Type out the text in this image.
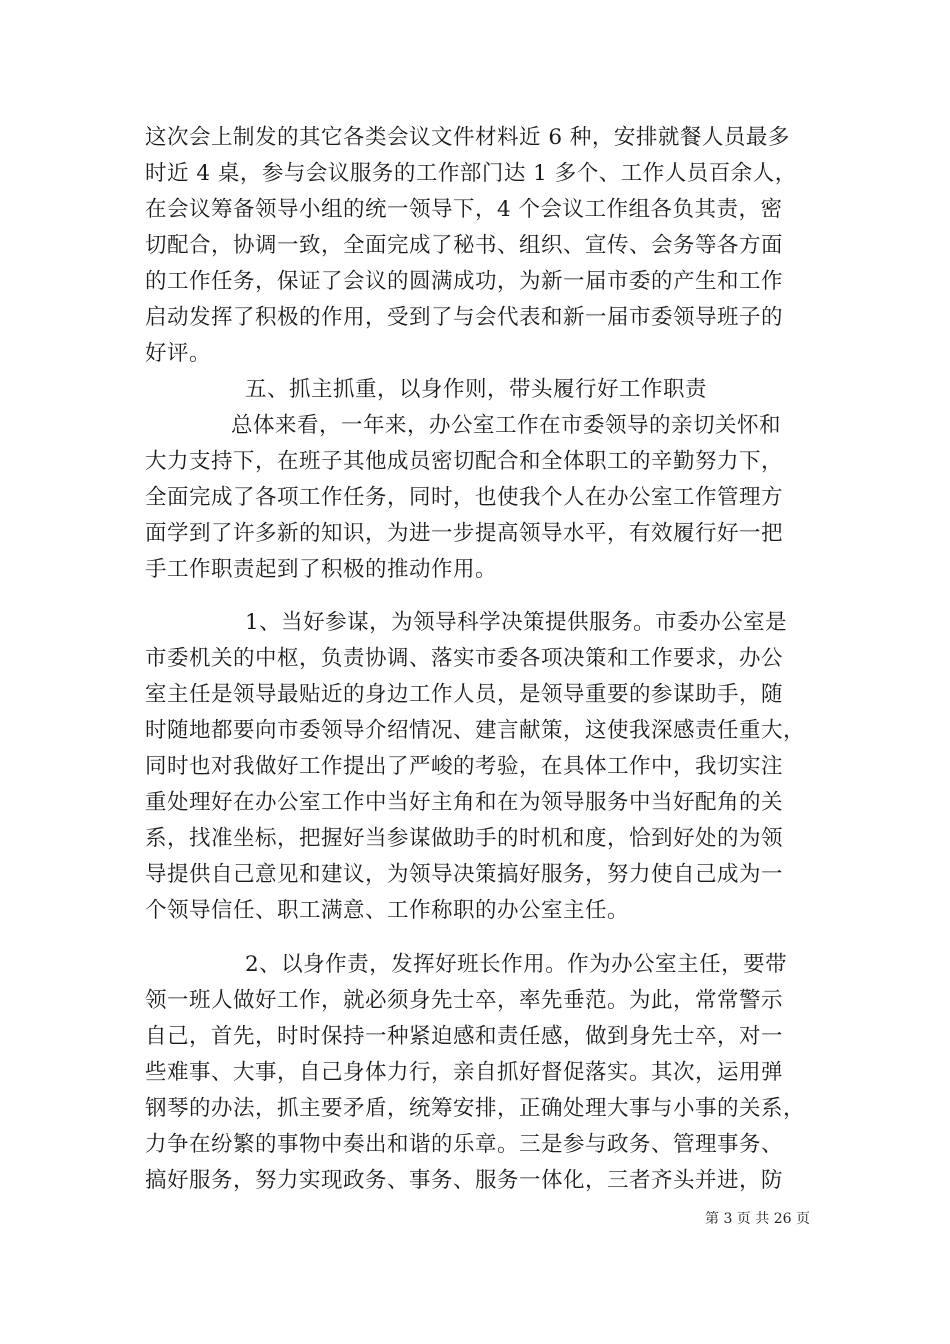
这次会上制发的其它各类会议文件材料近 6 种，安排就餐人员最多
时近 4 桌，参与会议服务的工作部门达 1 多个、工作人员百余人，
在会议筹备领导小组的统一领导下，4 个会议工作组各负其责，密
切配合，协调一致，全面完成了秘书、组织、宣传、会务等各方面
的工作任务，保证了会议的圆满成功，为新一届市委的产生和工作
启动发挥了积极的作用，受到了与会代表和新一届市委领导班子的
好评。
五、抓主抓重，以身作则，带头履行好工作职责
总体来看，一年来，办公室工作在市委领导的亲切关怀和
大力支持下，在班子其他成员密切配合和全体职工的辛勤努力下，
全面完成了各项工作任务，同时，也使我个人在办公室工作管理方
面学到了许多新的知识，为进一步提高领导水平，有效履行好一把
手工作职责起到了积极的推动作用。
1、当好参谋，为领导科学决策提供服务。市委办公室是
市委机关的中枢，负责协调、落实市委各项决策和工作要求，办公
室主任是领导最贴近的身边工作人员，是领导重要的参谋助手，随
时随地都要向市委领导介绍情况、建言献策，这使我深感责任重大，
同时也对我做好工作提出了严峻的考验，在具体工作中，我切实注
重处理好在办公室工作中当好主角和在为领导服务中当好配角的关
系，找准坐标，把握好当参谋做助手的时机和度，恰到好处的为领
导提供自己意见和建议，为领导决策搞好服务，努力使自己成为一
个领导信任、职工满意、工作称职的办公室主任。
2、以身作责，发挥好班长作用。作为办公室主任，要带
领一班人做好工作，就必须身先士卒，率先垂范。为此，常常警示
自己，首先，时时保持一种紧迫感和责任感，做到身先士卒，对一
些难事、大事，自己身体力行，亲自抓好督促落实。其次，运用弹
钢琴的办法，抓主要矛盾，统筹安排，正确处理大事与小事的关系，
力争在纷繁的事物中奏出和谐的乐章。三是参与政务、管理事务、
搞好服务，努力实现政务、事务、服务一体化，三者齐头并进，防
第 3 页 共 26 页
